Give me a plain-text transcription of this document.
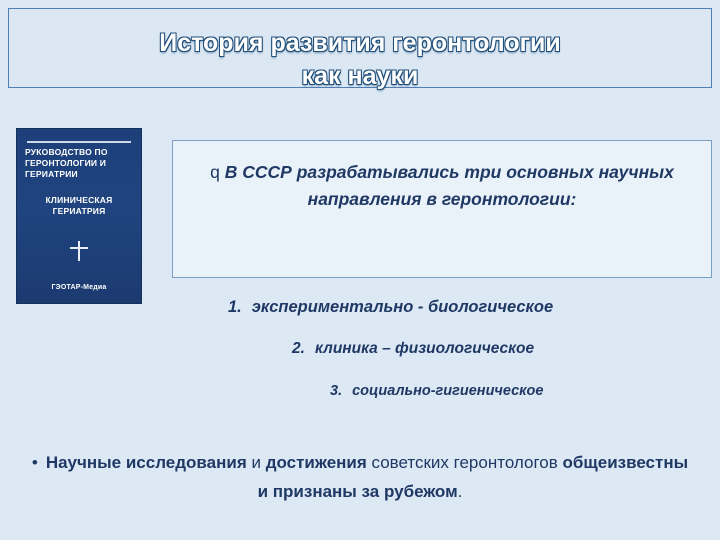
История развития геронтологии
как науки
РУКОВОДСТВО ПО ГЕРОНТОЛОГИИ И ГЕРИАТРИИ
КЛИНИЧЕСКАЯ ГЕРИАТРИЯ
ГЭОТАР-Медиа
q В СССР разрабатывались три основных научных направления в геронтологии:
1. экспериментально - биологическое
2. клиника – физиологическое
3. социально-гигиеническое
• Научные исследования и достижения советских геронтологов общеизвестны и признаны за рубежом.
